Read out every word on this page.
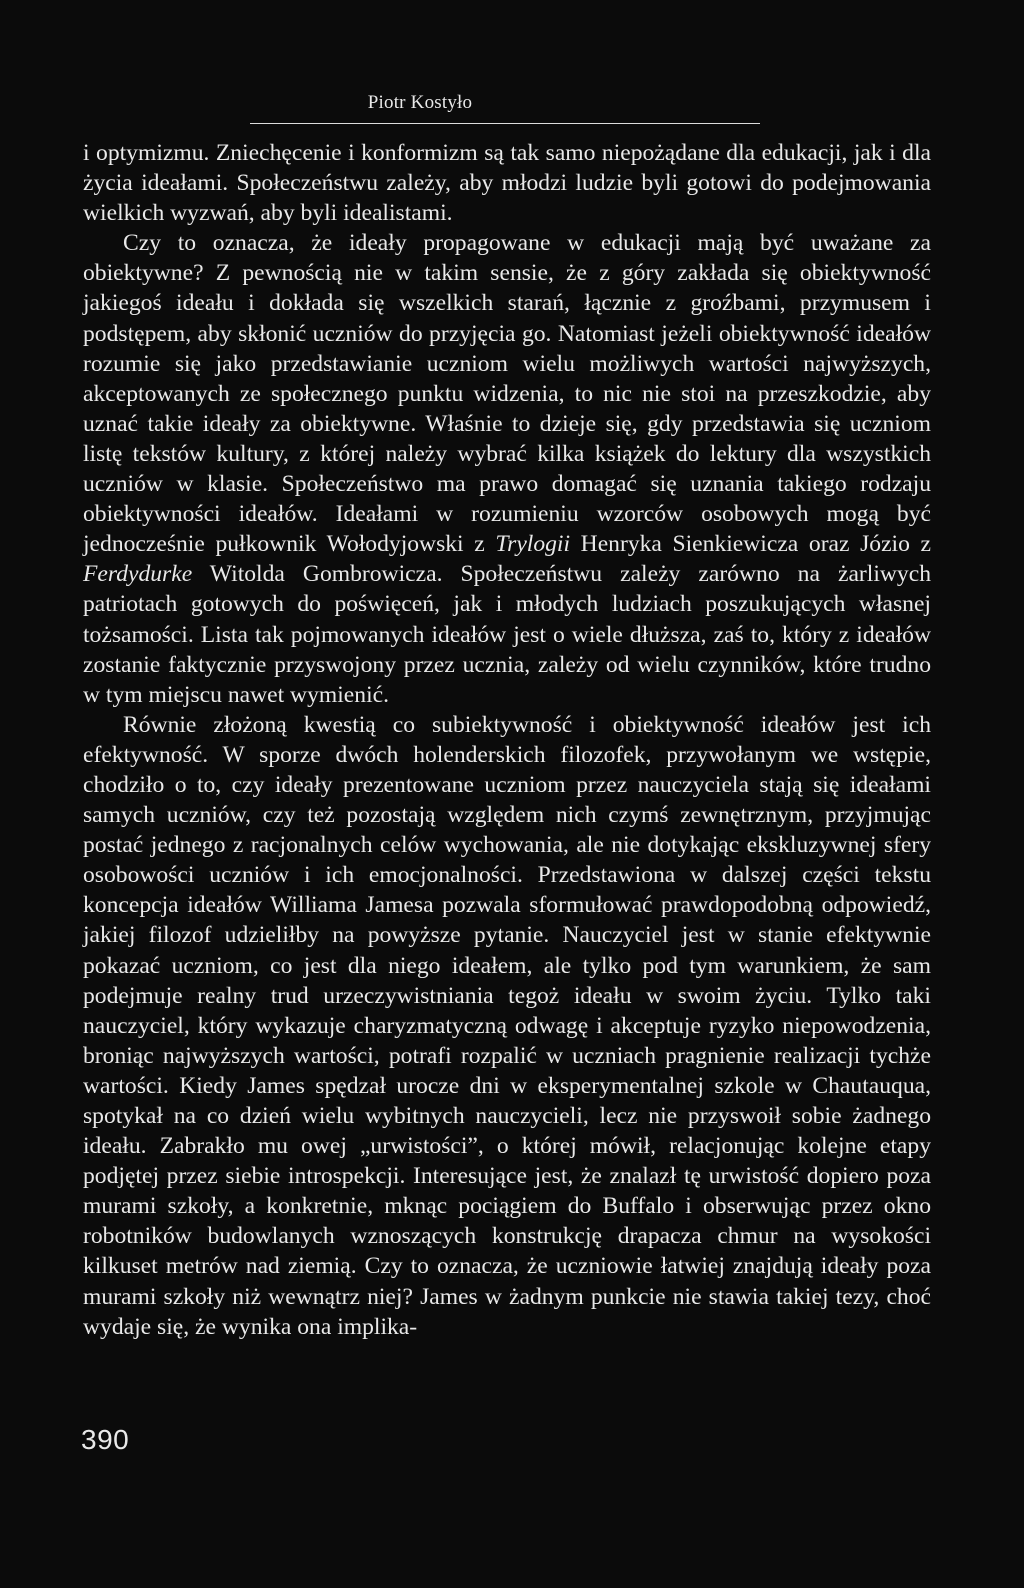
Piotr Kostyło

i optymizmu. Zniechęcenie i konformizm są tak samo niepożądane dla edukacji, jak i dla życia ideałami. Społeczeństwu zależy, aby młodzi ludzie byli gotowi do podejmowania wielkich wyzwań, aby byli idealistami.

Czy to oznacza, że ideały propagowane w edukacji mają być uważane za obiektywne? Z pewnością nie w takim sensie, że z góry zakłada się obiektywność jakiegoś ideału i dokłada się wszelkich starań, łącznie z groźbami, przymusem i podstępem, aby skłonić uczniów do przyjęcia go. Natomiast jeżeli obiektywność ideałów rozumie się jako przedstawianie uczniom wielu możliwych wartości najwyższych, akceptowanych ze społecznego punktu widzenia, to nic nie stoi na przeszkodzie, aby uznać takie ideały za obiektywne. Właśnie to dzieje się, gdy przedstawia się uczniom listę tekstów kultury, z której należy wybrać kilka książek do lektury dla wszystkich uczniów w klasie. Społeczeństwo ma prawo domagać się uznania takiego rodzaju obiektywności ideałów. Ideałami w rozumieniu wzorców osobowych mogą być jednocześnie pułkownik Wołodyjowski z Trylogii Henryka Sienkiewicza oraz Józio z Ferdydurke Witolda Gombrowicza. Społeczeństwu zależy zarówno na żarliwych patriotach gotowych do poświęceń, jak i młodych ludziach poszukujących własnej tożsamości. Lista tak pojmowanych ideałów jest o wiele dłuższa, zaś to, który z ideałów zostanie faktycznie przyswojony przez ucznia, zależy od wielu czynników, które trudno w tym miejscu nawet wymienić.

Równie złożoną kwestią co subiektywność i obiektywność ideałów jest ich efektywność. W sporze dwóch holenderskich filozofek, przywołanym we wstępie, chodziło o to, czy ideały prezentowane uczniom przez nauczyciela stają się ideałami samych uczniów, czy też pozostają względem nich czymś zewnętrznym, przyjmując postać jednego z racjonalnych celów wychowania, ale nie dotykając ekskluzywnej sfery osobowości uczniów i ich emocjonalności. Przedstawiona w dalszej części tekstu koncepcja ideałów Williama Jamesa pozwala sformułować prawdopodobną odpowiedź, jakiej filozof udzieliłby na powyższe pytanie. Nauczyciel jest w stanie efektywnie pokazać uczniom, co jest dla niego ideałem, ale tylko pod tym warunkiem, że sam podejmuje realny trud urzeczywistniania tegoż ideału w swoim życiu. Tylko taki nauczyciel, który wykazuje charyzmatyczną odwagę i akceptuje ryzyko niepowodzenia, broniąc najwyższych wartości, potrafi rozpalić w uczniach pragnienie realizacji tychże wartości. Kiedy James spędzał urocze dni w eksperymentalnej szkole w Chautauqua, spotykał na co dzień wielu wybitnych nauczycieli, lecz nie przyswoił sobie żadnego ideału. Zabrakło mu owej „urwistości”, o której mówił, relacjonując kolejne etapy podjętej przez siebie introspekcji. Interesujące jest, że znalazł tę urwistość dopiero poza murami szkoły, a konkretnie, mknąc pociągiem do Buffalo i obserwując przez okno robotników budowlanych wznoszących konstrukcję drapacza chmur na wysokości kilkuset metrów nad ziemią. Czy to oznacza, że uczniowie łatwiej znajdują ideały poza murami szkoły niż wewnątrz niej? James w żadnym punkcie nie stawia takiej tezy, choć wydaje się, że wynika ona implika-

390
